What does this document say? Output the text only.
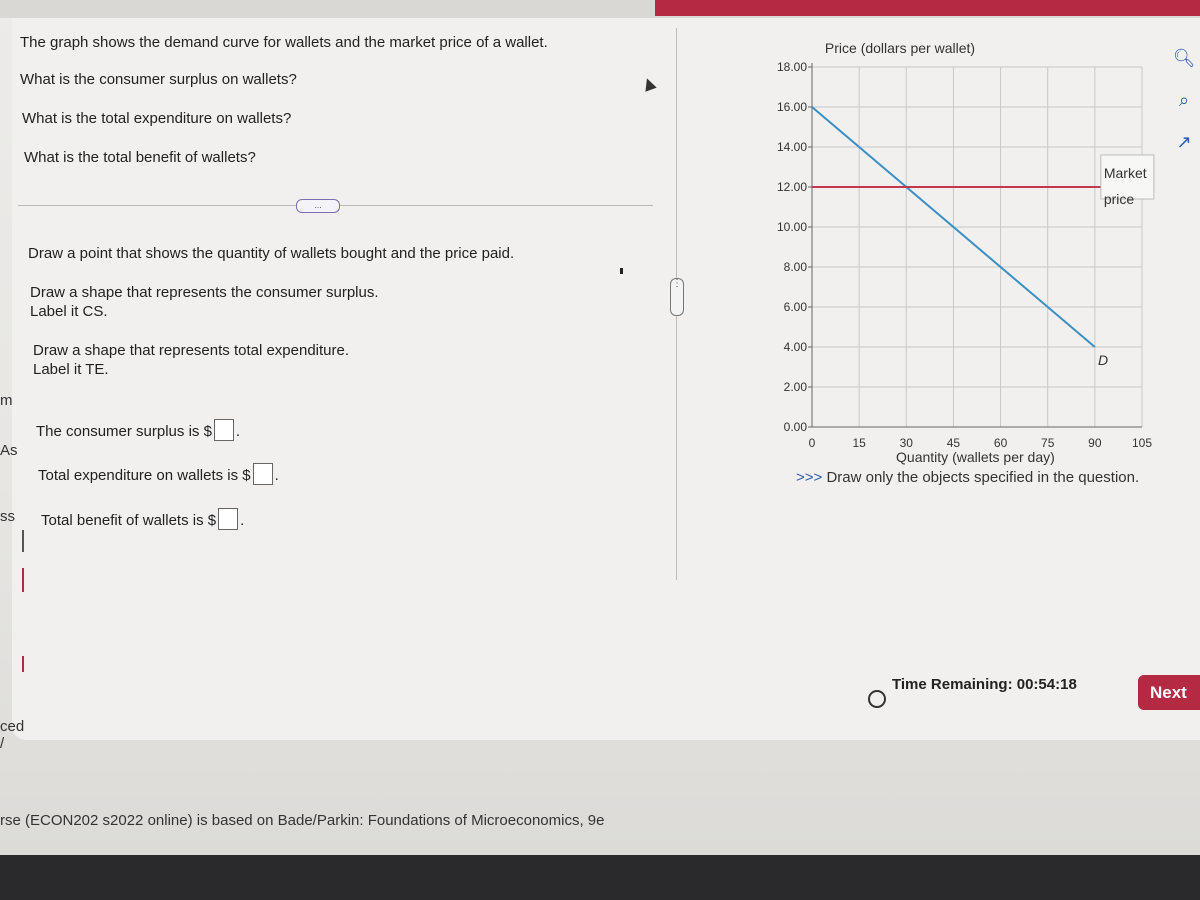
m
As
ss
ced /
The graph shows the demand curve for wallets and the market price of a wallet.
What is the consumer surplus on wallets?
What is the total expenditure on wallets?
What is the total benefit of wallets?
...
Draw a point that shows the quantity of wallets bought and the price paid.
Draw a shape that represents the consumer surplus.
Label it CS.
Draw a shape that represents total expenditure.
Label it TE.
The consumer surplus is $ .
Total expenditure on wallets is $ .
Total benefit of wallets is $ .
⋮
0.00
2.00
4.00
6.00
8.00
10.00
12.00
14.00
16.00
18.00
0	15	30	45	60	75	90	105
Price (dollars per wallet)
Quantity (wallets per day)
Market
price
D
>>> Draw only the objects specified in the question.
🔍︎
⌕
↗
Time Remaining: 00:54:18	Next
rse (ECON202 s2022 online) is based on Bade/Parkin: Foundations of Microeconomics, 9e
